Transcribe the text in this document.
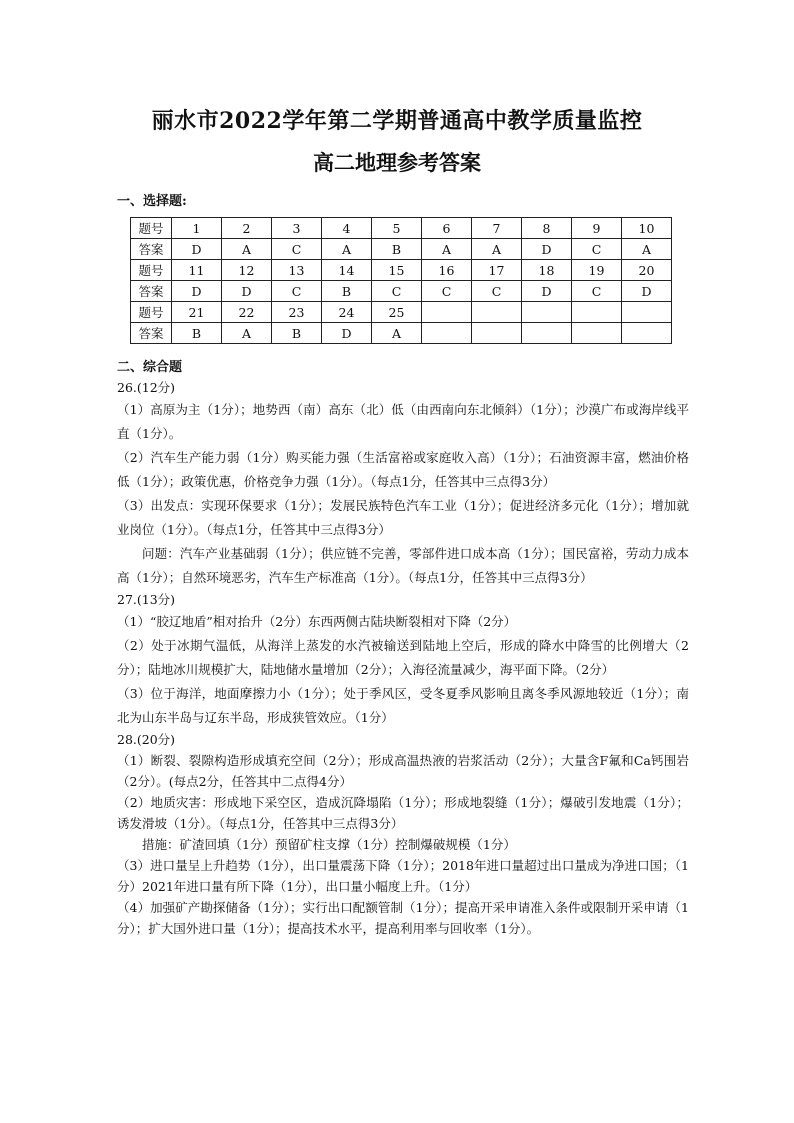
丽水市2022学年第二学期普通高中教学质量监控
高二地理参考答案
一、选择题:
题号	1	2	3	4	5	6	7	8	9	10
答案	D	A	C	A	B	A	A	D	C	A
题号	11	12	13	14	15	16	17	18	19	20
答案	D	D	C	B	C	C	C	D	C	D
题号	21	22	23	24	25					
答案	B	A	B	D	A					
二、综合题

26.(12分)

（1）高原为主（1分）；地势西（南）高东（北）低（由西南向东北倾斜）（1分）；沙漠广布或海岸线平直（1分）。

（2）汽车生产能力弱（1分）购买能力强（生活富裕或家庭收入高）（1分）；石油资源丰富，燃油价格低（1分）；政策优惠，价格竞争力强（1分）。（每点1分，任答其中三点得3分）

（3）出发点：实现环保要求（1分）；发展民族特色汽车工业（1分）；促进经济多元化（1分）；增加就业岗位（1分）。（每点1分，任答其中三点得3分）

问题：汽车产业基础弱（1分）；供应链不完善，零部件进口成本高（1分）；国民富裕，劳动力成本高（1分）；自然环境恶劣，汽车生产标准高（1分）。（每点1分，任答其中三点得3分）

27.(13分)

（1）“胶辽地盾”相对抬升（2分）东西两侧古陆块断裂相对下降（2分）

（2）处于冰期气温低，从海洋上蒸发的水汽被输送到陆地上空后，形成的降水中降雪的比例增大（2分）；陆地冰川规模扩大，陆地储水量增加（2分）；入海径流量减少，海平面下降。（2分）

（3）位于海洋，地面摩擦力小（1分）；处于季风区，受冬夏季风影响且离冬季风源地较近（1分）；南北为山东半岛与辽东半岛，形成狭管效应。（1分）

28.(20分)

（1）断裂、裂隙构造形成填充空间（2分）；形成高温热液的岩浆活动（2分）；大量含F氟和Ca钙围岩（2分）。(每点2分，任答其中二点得4分）

（2）地质灾害：形成地下采空区，造成沉降塌陷（1分）；形成地裂缝（1分）；爆破引发地震（1分）；诱发滑坡（1分）。（每点1分，任答其中三点得3分）

措施：矿渣回填（1分）预留矿柱支撑（1分）控制爆破规模（1分）

（3）进口量呈上升趋势（1分），出口量震荡下降（1分）；2018年进口量超过出口量成为净进口国；（1分）2021年进口量有所下降（1分），出口量小幅度上升。（1分）

（4）加强矿产勘探储备（1分）；实行出口配额管制（1分）；提高开采申请准入条件或限制开采申请（1分）；扩大国外进口量（1分）；提高技术水平，提高利用率与回收率（1分）。
